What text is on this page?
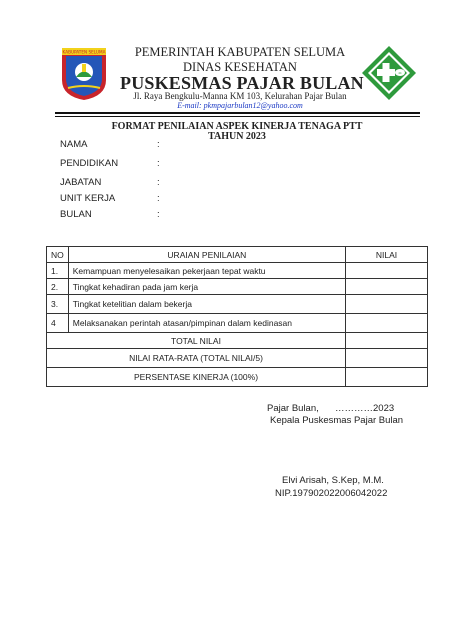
KABUPATEN SELUMA
∞
PEMERINTAH KABUPATEN SELUMA
DINAS KESEHATAN
PUSKESMAS PAJAR BULAN
Jl. Raya Bengkulu-Manna KM 103, Kelurahan Pajar Bulan
E-mail: pkmpajarbulan12@yahoo.com
FORMAT PENILAIAN ASPEK KINERJA TENAGA PTT
TAHUN 2023
NAMA	:
PENDIDIKAN	:
JABATAN	:
UNIT KERJA	:
BULAN	:
NO	URAIAN PENILAIAN	NILAI
1.	Kemampuan menyelesaikan pekerjaan tepat waktu	
2.	Tingkat kehadiran pada jam kerja	
3.	Tingkat ketelitian dalam bekerja	
4	Melaksanakan perintah atasan/pimpinan dalam kedinasan	
TOTAL NILAI		
NILAI RATA-RATA (TOTAL NILAI/5)		
PERSENTASE KINERJA (100%)		
Pajar Bulan, …………2023
Kepala Puskesmas Pajar Bulan
Elvi Arisah, S.Kep, M.M.
NIP.197902022006042022
